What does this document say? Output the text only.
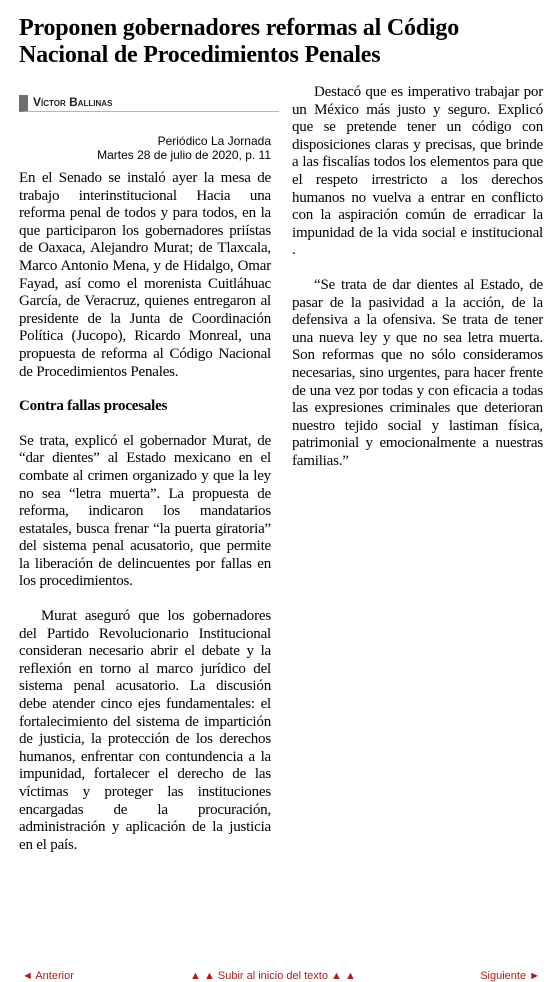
Proponen gobernadores reformas al Código Nacional de Procedimientos Penales
Víctor Ballinas
Periódico La Jornada
Martes 28 de julio de 2020, p. 11

En el Senado se instaló ayer la mesa de trabajo interinstitucional Hacia una reforma penal de todos y para todos, en la que participaron los gobernadores priístas de Oaxaca, Alejandro Murat; de Tlaxcala, Marco Antonio Mena, y de Hidalgo, Omar Fayad, así como el morenista Cuitláhuac García, de Veracruz, quienes entregaron al presidente de la Junta de Coordinación Política (Jucopo), Ricardo Monreal, una propuesta de reforma al Código Nacional de Procedimientos Penales.

Contra fallas procesales

Se trata, explicó el gobernador Murat, de “dar dientes” al Estado mexicano en el combate al crimen organizado y que la ley no sea “letra muerta”. La propuesta de reforma, indicaron los mandatarios estatales, busca frenar “la puerta giratoria” del sistema penal acusatorio, que permite la liberación de delincuentes por fallas en los procedimientos.

Murat aseguró que los gobernadores del Partido Revolucionario Institucional consideran necesario abrir el debate y la reflexión en torno al marco jurídico del sistema penal acusatorio. La discusión debe atender cinco ejes fundamentales: el fortalecimiento del sistema de impartición de justicia, la protección de los derechos humanos, enfrentar con contundencia a la impunidad, fortalecer el derecho de las víctimas y proteger las instituciones encargadas de la procuración, administración y aplicación de la justicia en el país.

Destacó que es imperativo trabajar por un México más justo y seguro. Explicó que se pretende tener un código con disposiciones claras y precisas, que brinde a las fiscalías todos los elementos para que el respeto irrestricto a los derechos humanos no vuelva a entrar en conflicto con la aspiración común de erradicar la impunidad de la vida social e institucional .

“Se trata de dar dientes al Estado, de pasar de la pasividad a la acción, de la defensiva a la ofensiva. Se trata de tener una nueva ley y que no sea letra muerta. Son reformas que no sólo consideramos necesarias, sino urgentes, para hacer frente de una vez por todas y con eficacia a todas las expresiones criminales que deterioran nuestro tejido social y lastiman física, patrimonial y emocionalmente a nuestras familias.”

◄ Anterior	▲ ▲ Subir al inicio del texto ▲ ▲	Siguiente ►
